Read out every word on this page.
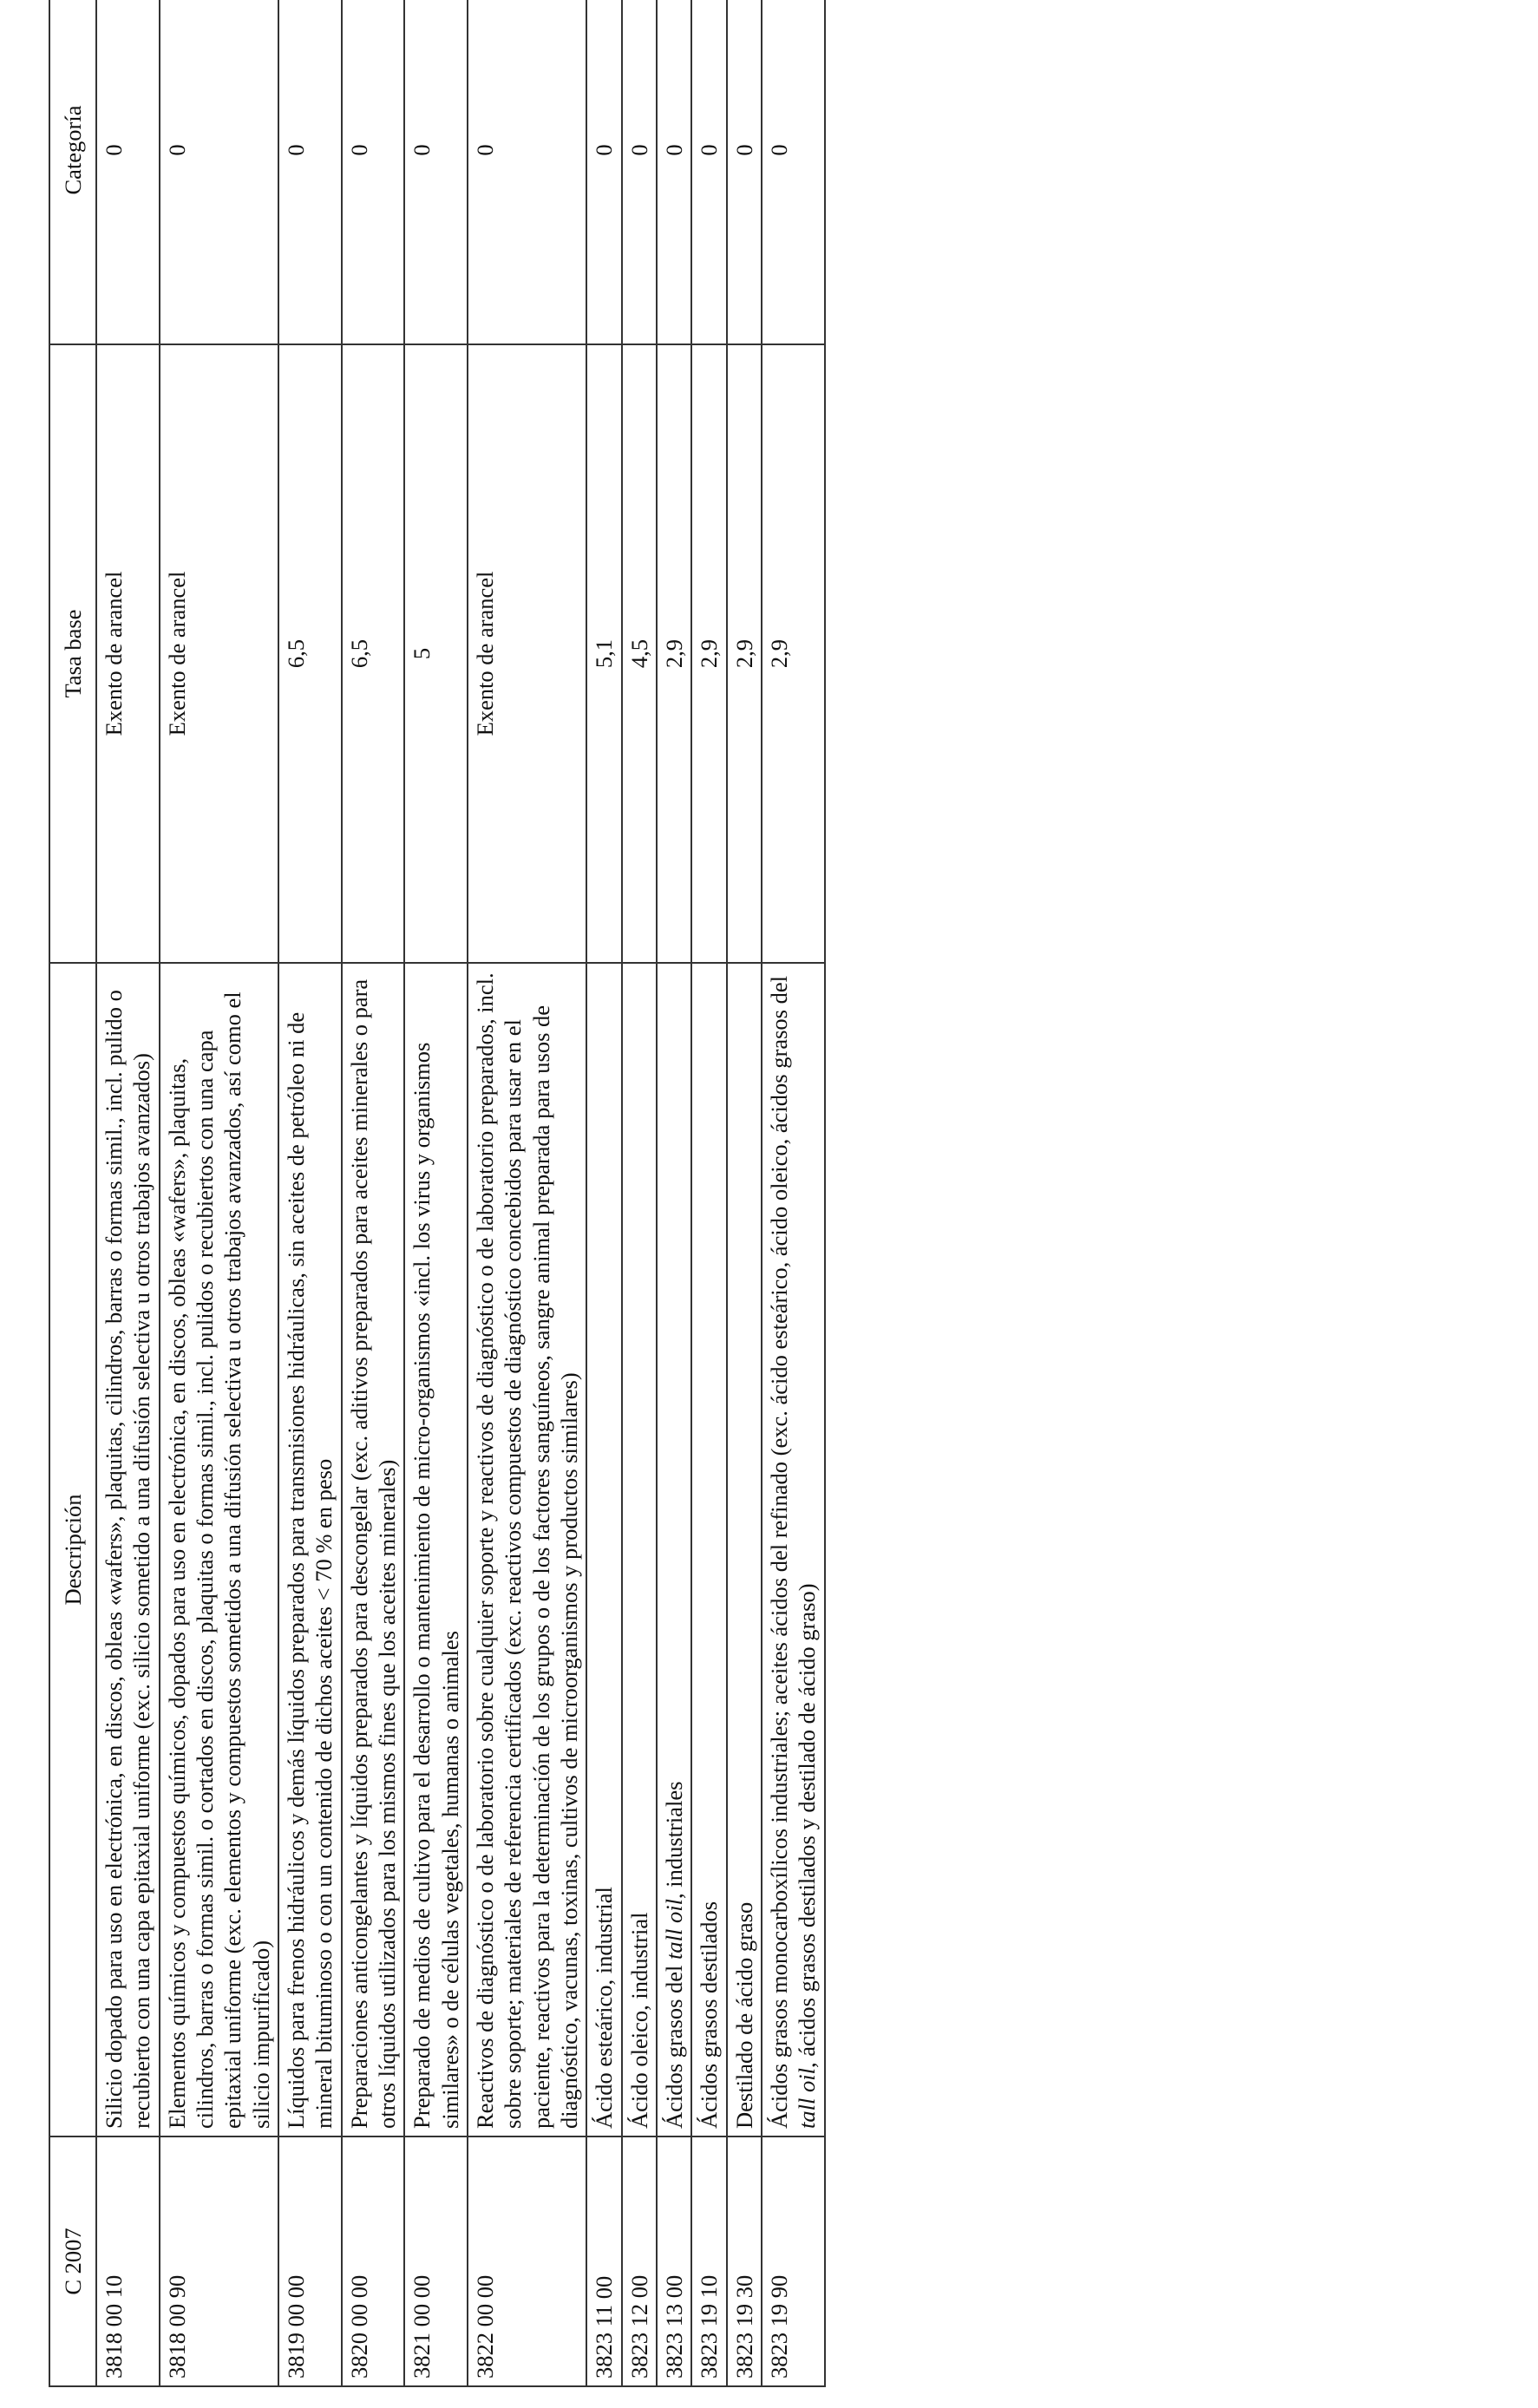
C 2007	Descripción	Tasa base	Categoría
3818 00 10	Silicio dopado para uso en electrónica, en discos, obleas «wafers», plaquitas, cilindros, barras o formas simil., incl. pulido o recubierto con una capa epitaxial uniforme (exc. silicio sometido a una difusión selectiva u otros trabajos avanzados)	Exento de arancel	0
3818 00 90	Elementos químicos y compuestos químicos, dopados para uso en electrónica, en discos, obleas «wafers», plaquitas, cilindros, barras o formas simil. o cortados en discos, plaquitas o formas simil., incl. pulidos o recubiertos con una capa epitaxial uniforme (exc. elementos y compuestos sometidos a una difusión selectiva u otros trabajos avanzados, así como el silicio impurificado)	Exento de arancel	0
3819 00 00	Líquidos para frenos hidráulicos y demás líquidos preparados para transmisiones hidráulicas, sin aceites de petróleo ni de mineral bituminoso o con un contenido de dichos aceites < 70 % en peso	6,5	0
3820 00 00	Preparaciones anticongelantes y líquidos preparados para descongelar (exc. aditivos preparados para aceites minerales o para otros líquidos utilizados para los mismos fines que los aceites minerales)	6,5	0
3821 00 00	Preparado de medios de cultivo para el desarrollo o mantenimiento de micro-organismos «incl. los virus y organismos similares» o de células vegetales, humanas o animales	5	0
3822 00 00	Reactivos de diagnóstico o de laboratorio sobre cualquier soporte y reactivos de diagnóstico o de laboratorio preparados, incl. sobre soporte; materiales de referencia certificados (exc. reactivos compuestos de diagnóstico concebidos para usar en el paciente, reactivos para la determinación de los grupos o de los factores sanguíneos, sangre animal preparada para usos de diagnóstico, vacunas, toxinas, cultivos de microorganismos y productos similares)	Exento de arancel	0
3823 11 00	Ácido esteárico, industrial	5,1	0
3823 12 00	Ácido oleico, industrial	4,5	0
3823 13 00	Ácidos grasos del tall oil, industriales	2,9	0
3823 19 10	Ácidos grasos destilados	2,9	0
3823 19 30	Destilado de ácido graso	2,9	0
3823 19 90	Ácidos grasos monocarboxílicos industriales; aceites ácidos del refinado (exc. ácido esteárico, ácido oleico, ácidos grasos del tall oil, ácidos grasos destilados y destilado de ácido graso)	2,9	0
